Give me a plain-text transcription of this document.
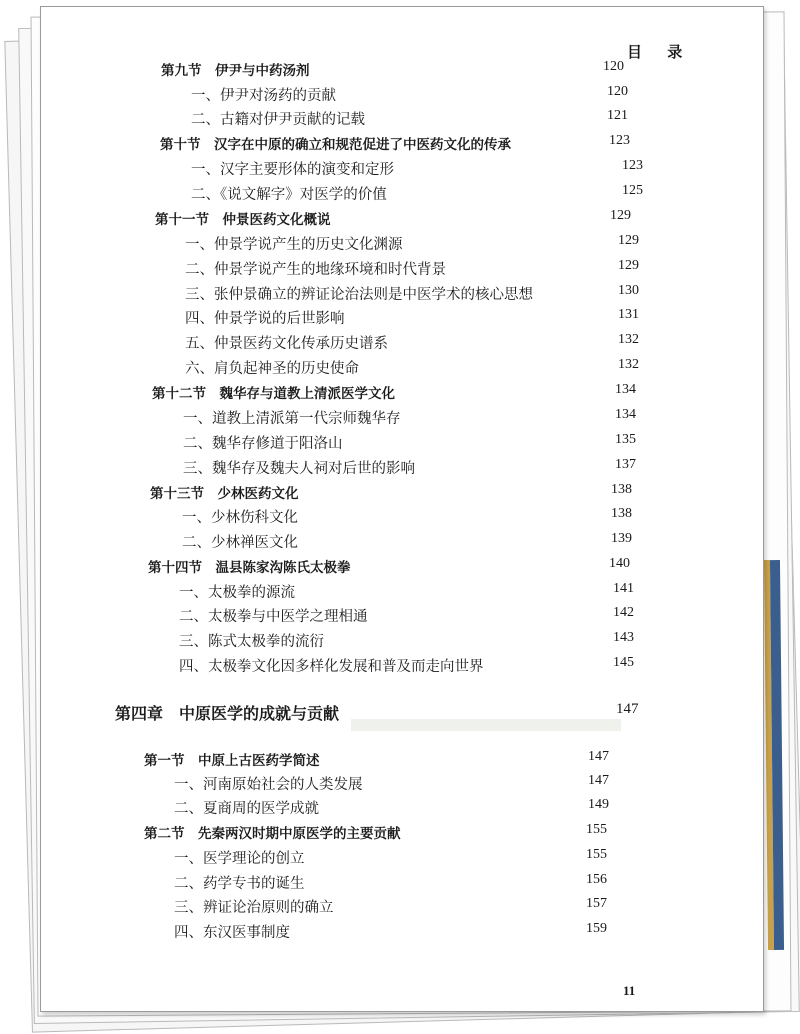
目 录
第九节　伊尹与中药汤剂	120
一、伊尹对汤药的贡献	120
二、古籍对伊尹贡献的记载	121
第十节　汉字在中原的确立和规范促进了中医药文化的传承	123
一、汉字主要形体的演变和定形	123
二、《说文解字》对医学的价值	125
第十一节　仲景医药文化概说	129
一、仲景学说产生的历史文化渊源	129
二、仲景学说产生的地缘环境和时代背景	129
三、张仲景确立的辨证论治法则是中医学术的核心思想	130
四、仲景学说的后世影响	131
五、仲景医药文化传承历史谱系	132
六、肩负起神圣的历史使命	132
第十二节　魏华存与道教上清派医学文化	134
一、道教上清派第一代宗师魏华存	134
二、魏华存修道于阳洛山	135
三、魏华存及魏夫人祠对后世的影响	137
第十三节　少林医药文化	138
一、少林伤科文化	138
二、少林禅医文化	139
第十四节　温县陈家沟陈氏太极拳	140
一、太极拳的源流	141
二、太极拳与中医学之理相通	142
三、陈式太极拳的流衍	143
四、太极拳文化因多样化发展和普及而走向世界	145
第四章　中原医学的成就与贡献	147
第一节　中原上古医药学简述	147
一、河南原始社会的人类发展	147
二、夏商周的医学成就	149
第二节　先秦两汉时期中原医学的主要贡献	155
一、医学理论的创立	155
二、药学专书的诞生	156
三、辨证论治原则的确立	157
四、东汉医事制度	159
11
